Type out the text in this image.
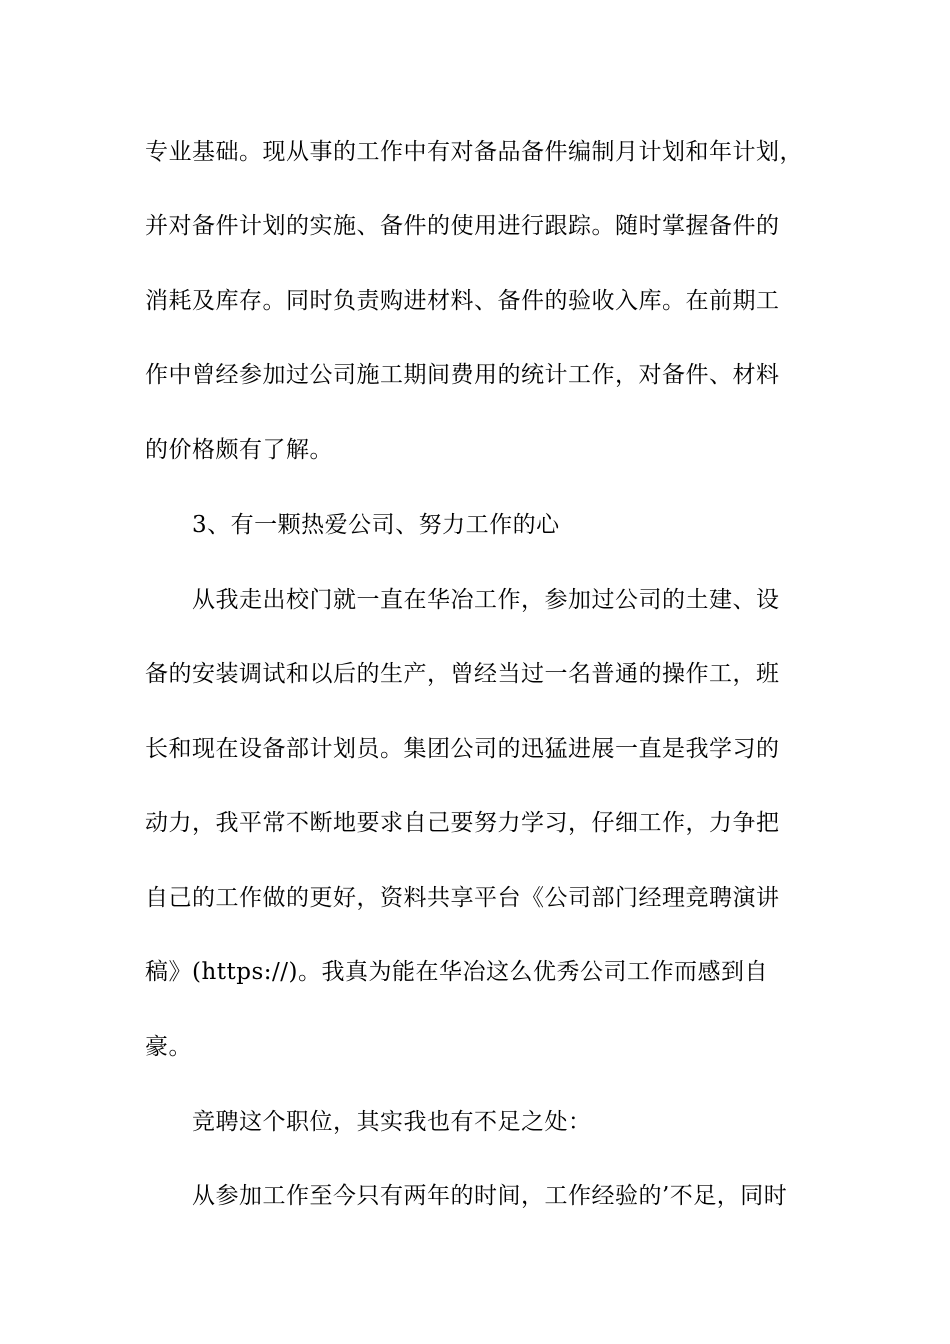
专业基础。现从事的工作中有对备品备件编制月计划和年计划，
并对备件计划的实施、备件的使用进行跟踪。随时掌握备件的
消耗及库存。同时负责购进材料、备件的验收入库。在前期工
作中曾经参加过公司施工期间费用的统计工作，对备件、材料
的价格颇有了解。
3、有一颗热爱公司、努力工作的心
从我走出校门就一直在华冶工作，参加过公司的土建、设
备的安装调试和以后的生产，曾经当过一名普通的操作工，班
长和现在设备部计划员。集团公司的迅猛进展一直是我学习的
动力，我平常不断地要求自己要努力学习，仔细工作，力争把
自己的工作做的更好，资料共享平台《公司部门经理竞聘演讲
稿》(https://)。我真为能在华冶这么优秀公司工作而感到自
豪。
竞聘这个职位，其实我也有不足之处：
从参加工作至今只有两年的时间，工作经验的’不足，同时
